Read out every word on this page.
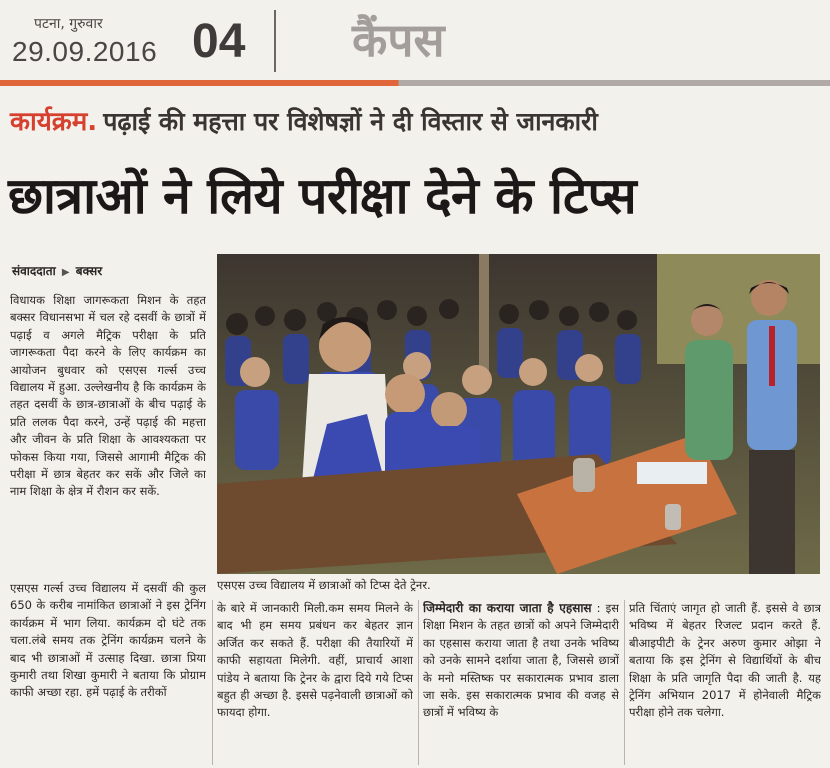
पटना, गुरुवार
29.09.2016 04 कैंपस
कार्यक्रम. पढ़ाई की महत्ता पर विशेषज्ञों ने दी विस्तार से जानकारी
छात्राओं ने लिये परीक्षा देने के टिप्स
संवाददाता ▶ बक्सर
एसएस उच्च विद्यालय में छात्राओं को टिप्स देते ट्रेनर.

विधायक शिक्षा जागरूकता मिशन के तहत बक्सर विधानसभा में चल रहे दसवीं के छात्रों में पढ़ाई व अगले मैट्रिक परीक्षा के प्रति जागरूकता पैदा करने के लिए कार्यक्रम का आयोजन बुधवार को एसएस गर्ल्स उच्च विद्यालय में हुआ. उल्लेखनीय है कि कार्यक्रम के तहत दसवीं के छात्र-छात्राओं के बीच पढ़ाई के प्रति ललक पैदा करने, उन्हें पढ़ाई की महत्ता और जीवन के प्रति शिक्षा के आवश्यकता पर फोकस किया गया, जिससे आगामी मैट्रिक की परीक्षा में छात्र बेहतर कर सकें और जिले का नाम शिक्षा के क्षेत्र में रौशन कर सकें.

एसएस गर्ल्स उच्च विद्यालय में दसवीं की कुल 650 के करीब नामांकित छात्राओं ने इस ट्रेनिंग कार्यक्रम में भाग लिया. कार्यक्रम दो घंटे तक चला.लंबे समय तक ट्रेनिंग कार्यक्रम चलने के बाद भी छात्राओं में उत्साह दिखा. छात्रा प्रिया कुमारी तथा शिखा कुमारी ने बताया कि प्रोग्राम काफी अच्छा रहा. हमें पढ़ाई के तरीकों

के बारे में जानकारी मिली.कम समय मिलने के बाद भी हम समय प्रबंधन कर बेहतर ज्ञान अर्जित कर सकते हैं. परीक्षा की तैयारियों में काफी सहायता मिलेगी. वहीं, प्राचार्य आशा पांडेय ने बताया कि ट्रेनर के द्वारा दिये गये टिप्स बहुत ही अच्छा है. इससे पढ़नेवाली छात्राओं को फायदा होगा.

जिम्मेदारी का कराया जाता है एहसास : इस शिक्षा मिशन के तहत छात्रों को अपने जिम्मेदारी का एहसास कराया जाता है तथा उनके भविष्य को उनके सामने दर्शाया जाता है, जिससे छात्रों के मनो मस्तिष्क पर सकारात्मक प्रभाव डाला जा सके. इस सकारात्मक प्रभाव की वजह से छात्रों में भविष्य के

प्रति चिंताएं जागृत हो जाती हैं. इससे वे छात्र भविष्य में बेहतर रिजल्ट प्रदान करते हैं. बीआइपीटी के ट्रेनर अरुण कुमार ओझा ने बताया कि इस ट्रेनिंग से विद्यार्थियों के बीच शिक्षा के प्रति जागृति पैदा की जाती है. यह ट्रेनिंग अभियान 2017 में होनेवाली मैट्रिक परीक्षा होने तक चलेगा.
